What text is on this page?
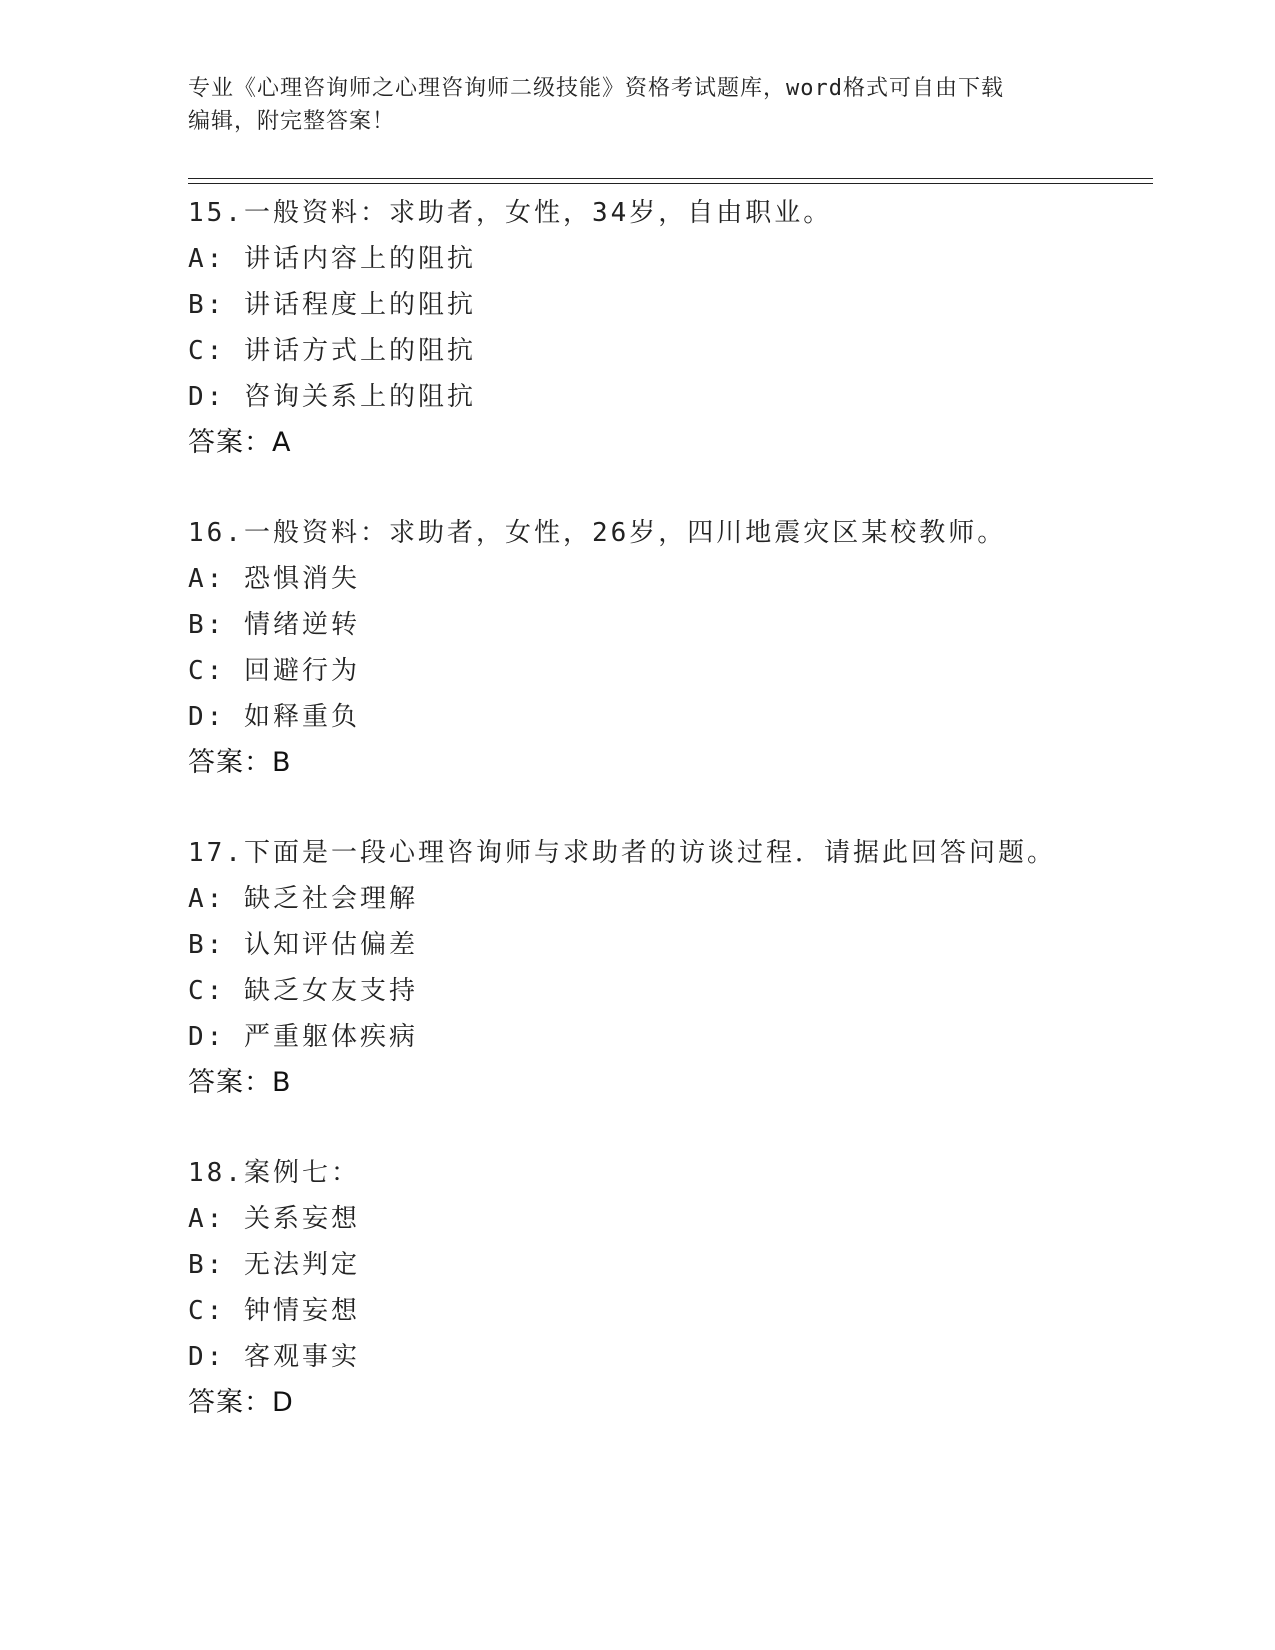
专业《心理咨询师之心理咨询师二级技能》资格考试题库，word格式可自由下载
编辑，附完整答案！
15.一般资料：求助者，女性，34岁，自由职业。
A: 讲话内容上的阻抗
B: 讲话程度上的阻抗
C: 讲话方式上的阻抗
D: 咨询关系上的阻抗
答案：A
16.一般资料：求助者，女性，26岁，四川地震灾区某校教师。
A: 恐惧消失
B: 情绪逆转
C: 回避行为
D: 如释重负
答案：B
17.下面是一段心理咨询师与求助者的访谈过程．请据此回答问题。
A: 缺乏社会理解
B: 认知评估偏差
C: 缺乏女友支持
D: 严重躯体疾病
答案：B
18.案例七：
A: 关系妄想
B: 无法判定
C: 钟情妄想
D: 客观事实
答案：D
